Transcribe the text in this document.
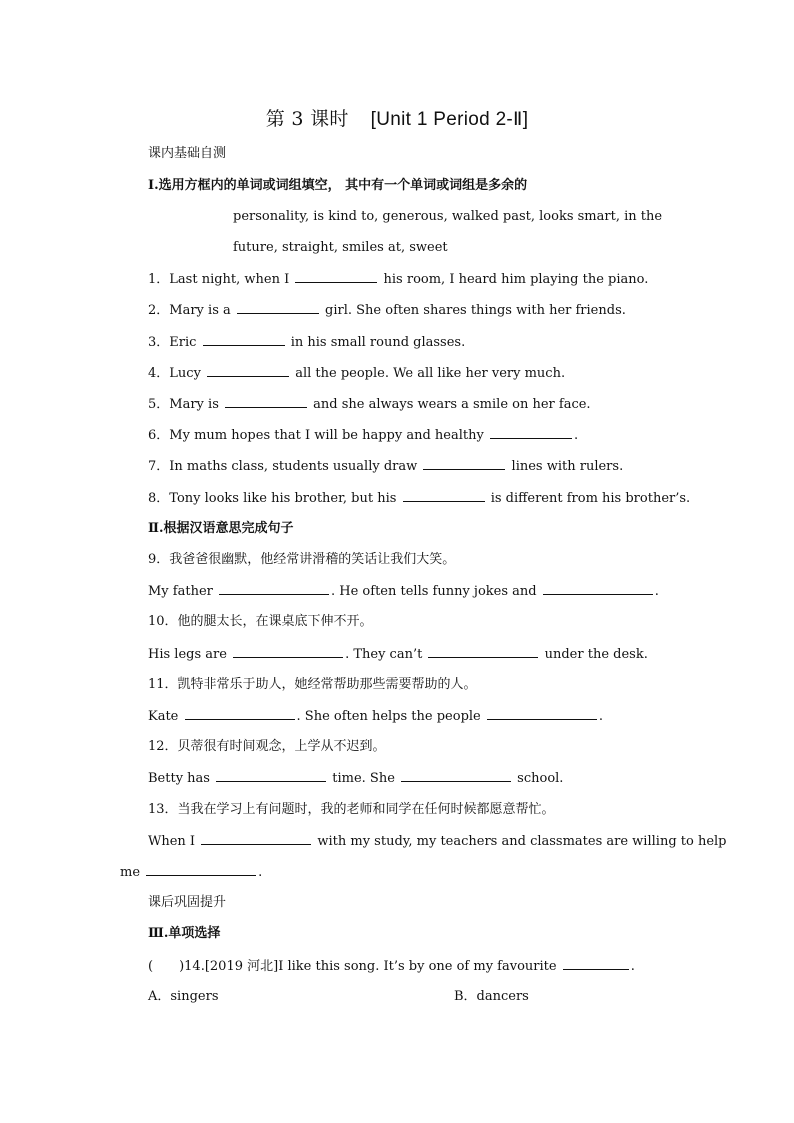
第 3 课时 [Unit 1 Period 2-Ⅱ]
课内基础自测
Ⅰ.选用方框内的单词或词组填空， 其中有一个单词或词组是多余的
personality, is kind to, generous, walked past, looks smart, in the
future, straight, smiles at, sweet
1．Last night, when I	his room, I heard him playing the piano.
2．Mary is a	girl. She often shares things with her friends.
3．Eric	in his small round glasses.
4．Lucy	all the people. We all like her very much.
5．Mary is	and she always wears a smile on her face.
6．My mum hopes that I will be happy and healthy	.
7．In maths class, students usually draw	lines with rulers.
8．Tony looks like his brother, but his	is different from his brother’s.
Ⅱ.根据汉语意思完成句子
9．我爸爸很幽默，他经常讲滑稽的笑话让我们大笑。
My father	. He often tells funny jokes and	.
10．他的腿太长，在课桌底下伸不开。
His legs are	. They can’t	under the desk.
11．凯特非常乐于助人，她经常帮助那些需要帮助的人。
Kate	. She often helps the people	.
12．贝蒂很有时间观念，上学从不迟到。
Betty has	time. She	school.
13．当我在学习上有问题时，我的老师和同学在任何时候都愿意帮忙。
When I	with my study, my teachers and classmates are willing to help
me	.
课后巩固提升
Ⅲ.单项选择
(　　)14.[2019 河北]I like this song. It’s by one of my favourite	.
A．singers	B．dancers
